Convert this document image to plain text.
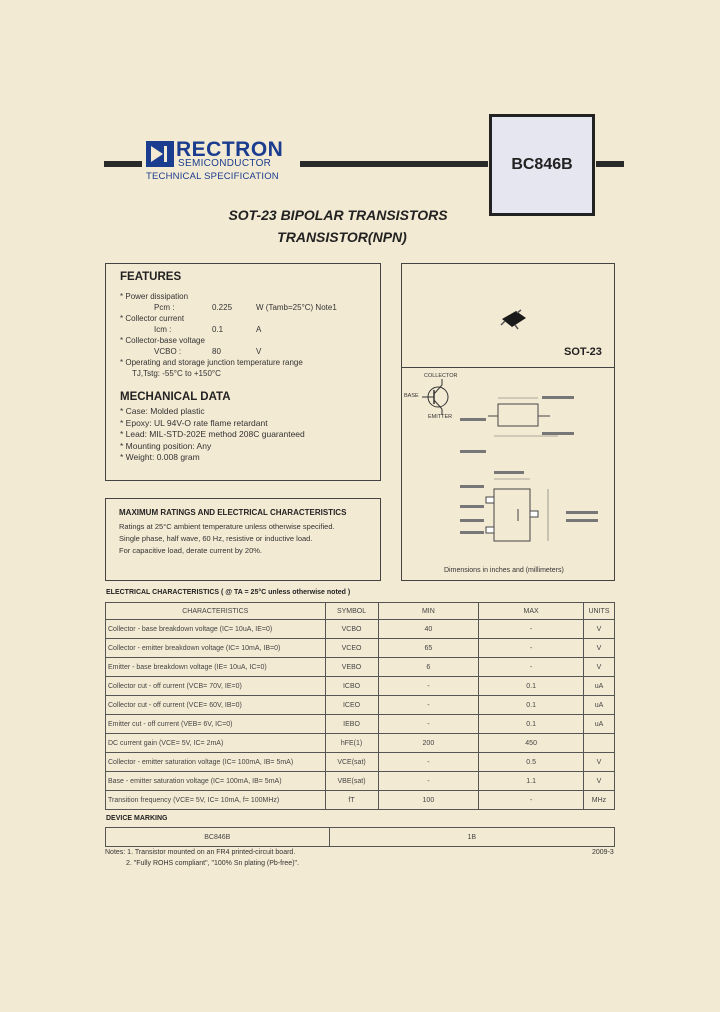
RECTRON
SEMICONDUCTOR
TECHNICAL SPECIFICATION
BC846B
SOT-23 BIPOLAR TRANSISTORS
TRANSISTOR(NPN)
FEATURES
* Power dissipation
Pcm :	0.225	W (Tamb=25°C) Note1
* Collector current
Icm :	0.1	A
* Collector-base voltage
VCBO :	80	V
* Operating and storage junction temperature range
TJ,Tstg: -55°C to +150°C
MECHANICAL DATA
* Case: Molded plastic
* Epoxy: UL 94V-O rate flame retardant
* Lead: MIL-STD-202E method 208C guaranteed
* Mounting position: Any
* Weight: 0.008 gram
SOT-23
COLLECTOR
BASE
EMITTER
Dimensions in inches and (millimeters)
MAXIMUM RATINGS AND ELECTRICAL CHARACTERISTICS
Ratings at 25°C ambient temperature unless otherwise specified.
Single phase, half wave, 60 Hz, resistive or inductive load.
For capacitive load, derate current by 20%.
ELECTRICAL CHARACTERISTICS ( @ TA = 25°C unless otherwise noted )
CHARACTERISTICS	SYMBOL	MIN	MAX	UNITS
Collector - base breakdown voltage (IC= 10uA, IE=0)	VCBO	40	-	V
Collector - emitter breakdown voltage (IC= 10mA, IB=0)	VCEO	65	-	V
Emitter - base breakdown voltage (IE= 10uA, IC=0)	VEBO	6	-	V
Collector cut - off current (VCB= 70V, IE=0)	ICBO	-	0.1	uA
Collector cut - off current (VCE= 60V, IB=0)	ICEO	-	0.1	uA
Emitter cut - off current (VEB= 6V, IC=0)	IEBO	-	0.1	uA
DC current gain (VCE= 5V, IC= 2mA)	hFE(1)	200	450	
Collector - emitter saturation voltage (IC= 100mA, IB= 5mA)	VCE(sat)	-	0.5	V
Base - emitter saturation voltage (IC= 100mA, IB= 5mA)	VBE(sat)	-	1.1	V
Transition frequency (VCE= 5V, IC= 10mA, f= 100MHz)	fT	100	-	MHz
DEVICE MARKING
BC846B	1B
Notes: 1. Transistor mounted on an FR4 printed-circuit board.
2. "Fully ROHS compliant", "100% Sn plating (Pb-free)".
2009-3
